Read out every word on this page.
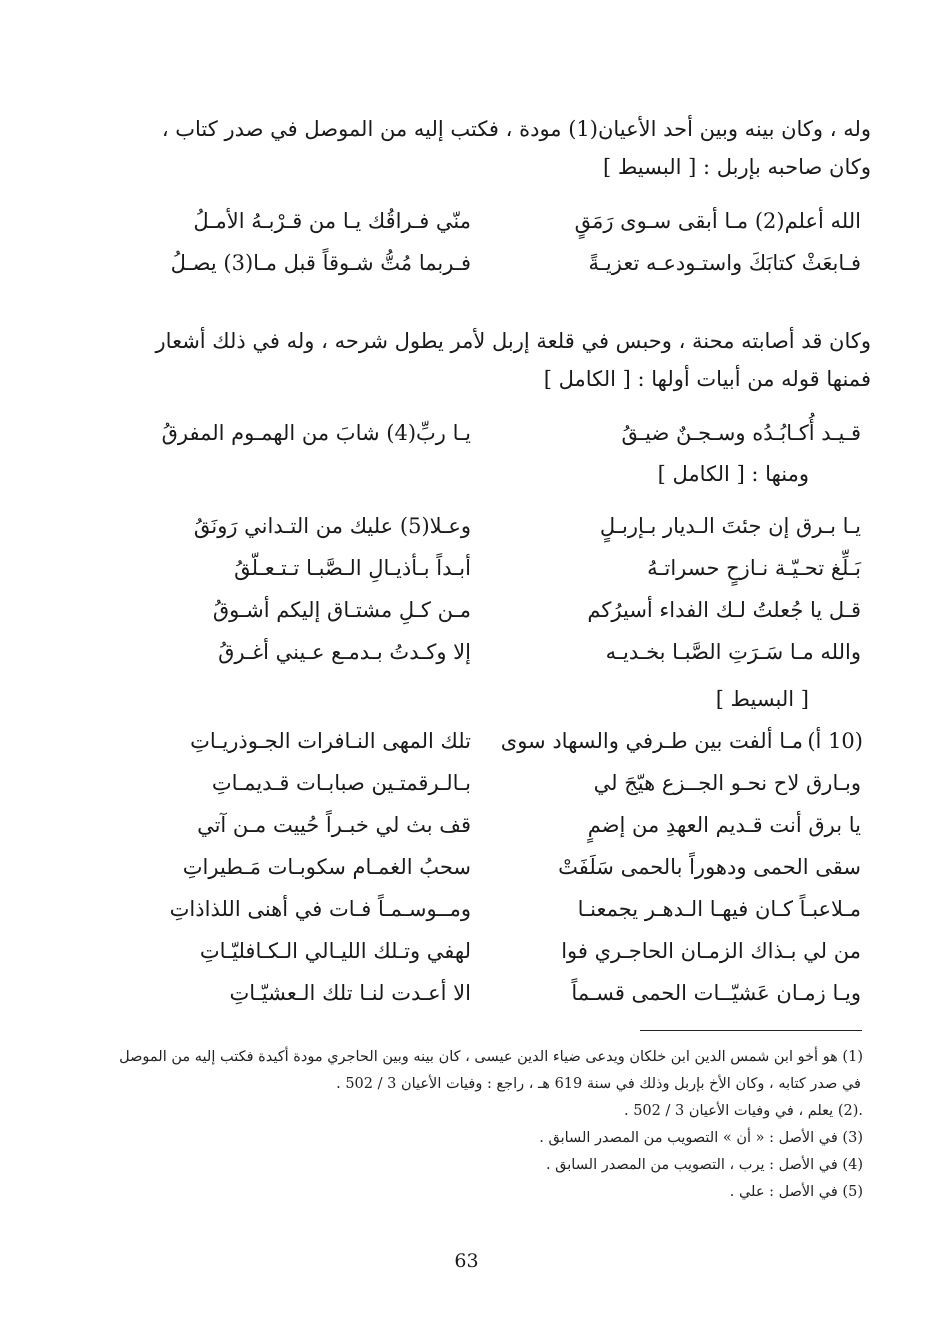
وله ، وكان بينه وبين أحد الأعيان(1) مودة ، فكتب إليه من الموصل في صدر كتاب ،
وكان صاحبه بإربل : [ البسيط ]
الله أعلم(2) مـا أبقى سـوى رَمَقٍ
منّي فـراقُك يـا من قـرْبـهُ الأمـلُ
فـابعَثْ كتابَكَ واستـودعـه تعزيـةً
فـربما مُتُّ شـوقاً قبل مـا(3) يصـلُ
وكان قد أصابته محنة ، وحبس في قلعة إربل لأمر يطول شرحه ، وله في ذلك أشعار
فمنها قوله من أبيات أولها : [ الكامل ]
قـيـد أُكـابُـدُه وسـجـنٌ ضيـقُ
يـا ربِّ(4) شابَ من الهمـوم المفرقُ
ومنها : [ الكامل ]
يـا بـرق إن جئتَ الـديار بـإربـلٍ
وعـلا(5) عليك من التـداني رَونَقُ
بَـلِّغ تحـيّـة نـازحٍ حسراتـهُ
أبـداً بـأذيـالِ الـصَّبـا تـتـعـلّقُ
قـل يا جُعلتُ لـك الفداء أسيرُكم
مـن كـلِ مشتـاق إليكم أشـوقُ
والله مـا سَـرَتِ الصَّبـا بخـديـه
إلا وكـدتُ بـدمـع عـيني أغـرقُ
[ البسيط ]
(10 أ)
مـا ألفت بين طـرفي والسهاد سوى
تلك المهى النـافرات الجـوذريـاتِ
وبـارق لاح نحـو الجــزع هيّجَ لي
بـالـرقمتـين صبابـات قـديمـاتِ
يا برق أنت قـديم العهدِ من إضمٍ
قف بث لي خبـراً حُييت مـن آتي
سقى الحمى ودهوراً بالحمى سَلَفَتْ
سحبُ الغمـام سكوبـات مَـطيراتِ
مـلاعبـاً كـان فيهـا الـدهـر يجمعنـا
ومــوسـمـاً فـات في أهنى اللذاذاتِ
من لي بـذاك الزمـان الحاجـري فوا
لهفي وتـلك الليـالي الـكـافليّـاتِ
ويـا زمـان عَشيّــات الحمى قسـماً
الا أعـدت لنـا تلك الـعشيّـاتِ
(1) هو أخو ابن شمس الدين ابن خلكان ويدعى ضياء الدين عيسى ، كان بينه وبين الحاجري مودة أكيدة فكتب إليه من الموصل
في صدر كتابه ، وكان الأخ بإربل وذلك في سنة 619 هـ ، راجع : وفيات الأعيان 3 / 502 .
.(2) يعلم ، في وفيات الأعيان 3 / 502 .
(3) في الأصل : « أن » التصويب من المصدر السابق .
(4) في الأصل : يرب ، التصويب من المصدر السابق .
(5) في الأصل : علي .
63
